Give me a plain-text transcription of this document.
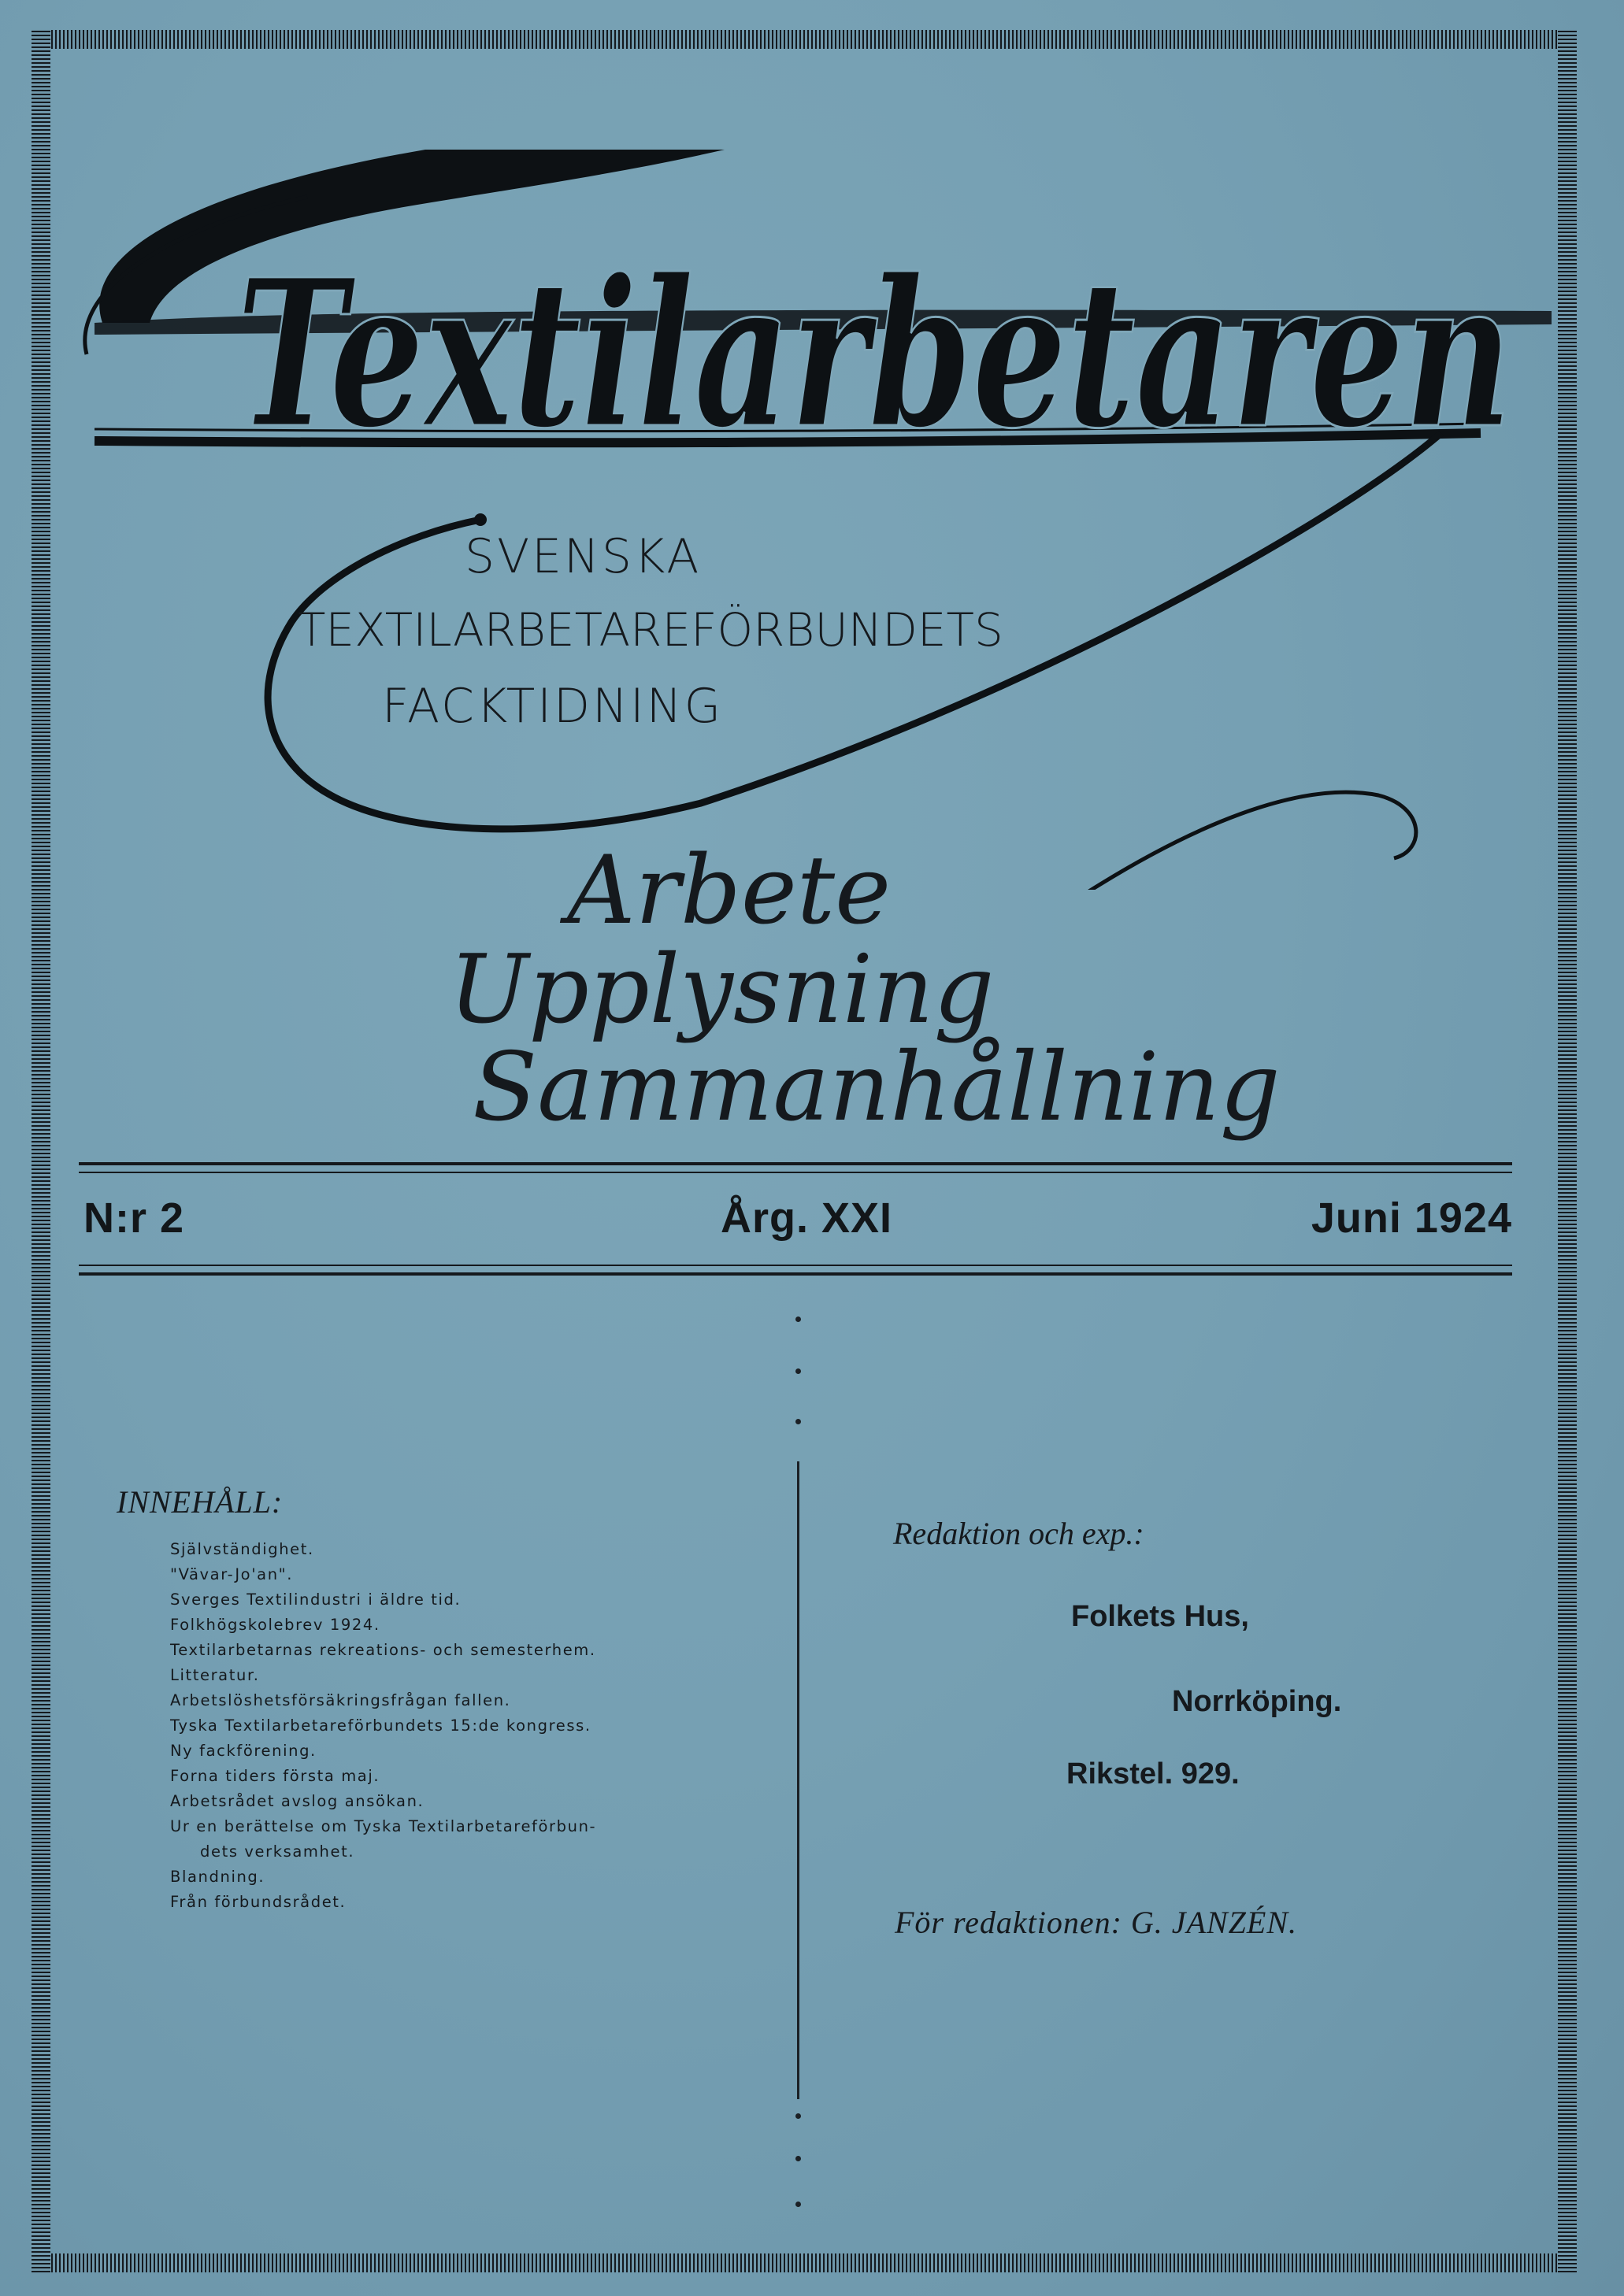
Textilarbetaren
SVENSKA
TEXTILARBETAREFÖRBUNDETS
FACKTIDNING
Arbete
Upplysning
Sammanhållning
N:r 2	Årg. XXI	Juni 1924
INNEHÅLL:
Självständighet.
"Vävar-Jo'an".
Sverges Textilindustri i äldre tid.
Folkhögskolebrev 1924.
Textilarbetarnas rekreations- och semesterhem.
Litteratur.
Arbetslöshetsförsäkringsfrågan fallen.
Tyska Textilarbetareförbundets 15:de kongress.
Ny fackförening.
Forna tiders första maj.
Arbetsrådet avslog ansökan.
Ur en berättelse om Tyska Textilarbetareförbun-
dets verksamhet.
Blandning.
Från förbundsrådet.
Redaktion och exp.:
Folkets Hus,
Norrköping.
Rikstel. 929.
För redaktionen: G. JANZÉN.
